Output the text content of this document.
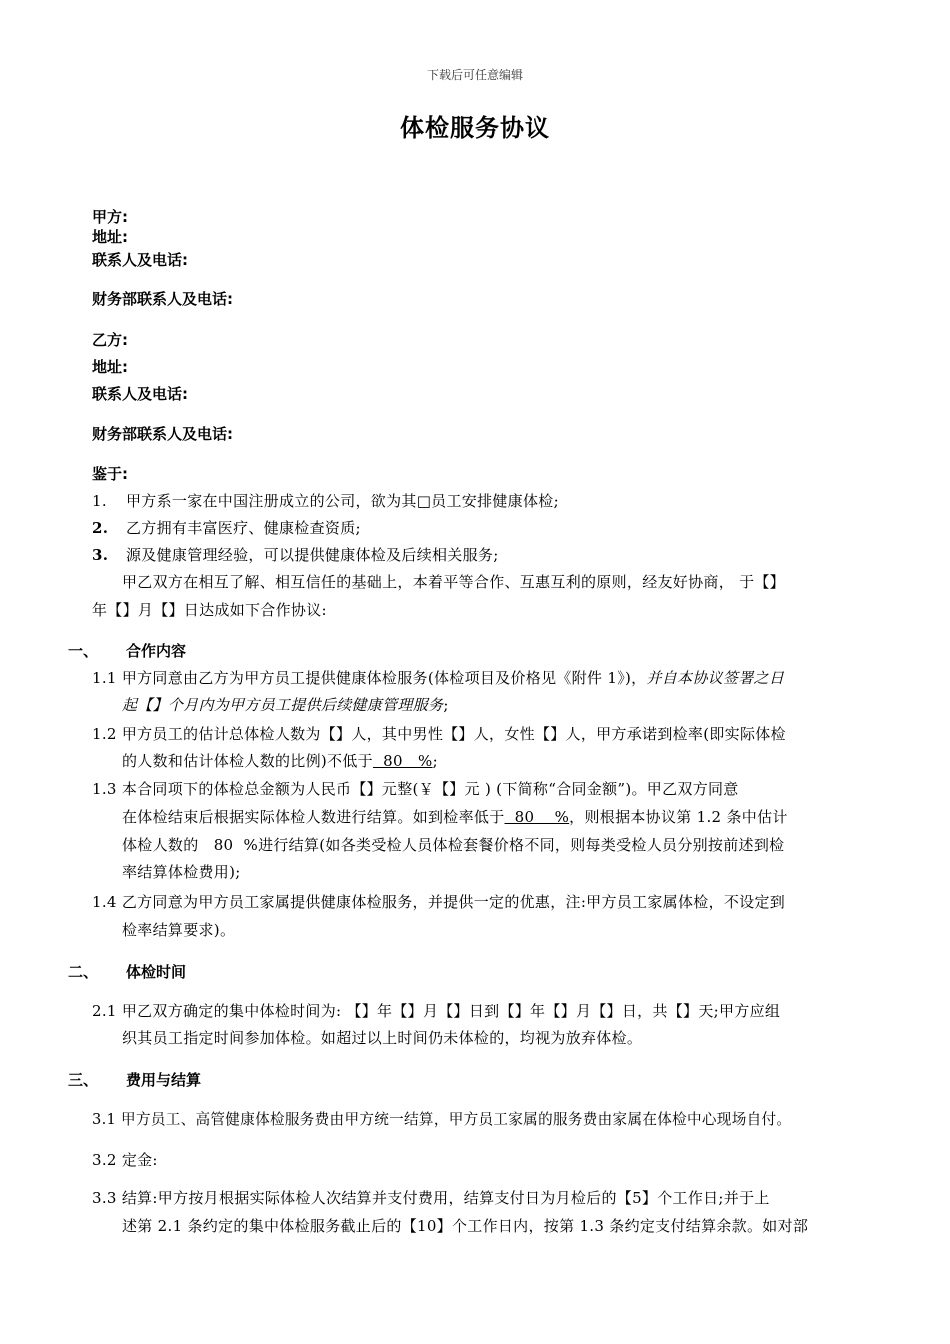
下载后可任意编辑
体检服务协议
甲方:
地址:
联系人及电话:
财务部联系人及电话:
乙方:
地址:
联系人及电话:
财务部联系人及电话:
鉴于:
1. 甲方系一家在中国注册成立的公司，欲为其□员工安排健康体检;
2. 乙方拥有丰富医疗、健康检查资质;
3. 源及健康管理经验，可以提供健康体检及后续相关服务;
甲乙双方在相互了解、相互信任的基础上，本着平等合作、互惠互利的原则，经友好协商， 于【】
年【】月【】日达成如下合作协议:
一、 合作内容
1.1 甲方同意由乙方为甲方员工提供健康体检服务(体检项目及价格见《附件 1》)，并自本协议签署之日
起【】个月内为甲方员工提供后续健康管理服务;
1.2 甲方员工的估计总体检人数为【】人，其中男性【】人，女性【】人，甲方承诺到检率(即实际体检
的人数和估计体检人数的比例)不低于  80   %;
1.3 本合同项下的体检总金额为人民币【】元整(￥【】元 ) (下简称“合同金额”)。甲乙双方同意
在体检结束后根据实际体检人数进行结算。如到检率低于  80    %，则根据本协议第 1.2 条中估计
体检人数的   80  %进行结算(如各类受检人员体检套餐价格不同，则每类受检人员分别按前述到检
率结算体检费用);
1.4 乙方同意为甲方员工家属提供健康体检服务，并提供一定的优惠，注:甲方员工家属体检，不设定到
检率结算要求)。
二、 体检时间
2.1 甲乙双方确定的集中体检时间为: 【】年【】月【】日到【】年【】月【】日，共【】天;甲方应组
织其员工指定时间参加体检。如超过以上时间仍未体检的，均视为放弃体检。
三、 费用与结算
3.1 甲方员工、高管健康体检服务费由甲方统一结算，甲方员工家属的服务费由家属在体检中心现场自付。
3.2 定金:
3.3 结算:甲方按月根据实际体检人次结算并支付费用，结算支付日为月检后的【5】个工作日;并于上
述第 2.1 条约定的集中体检服务截止后的【10】个工作日内，按第 1.3 条约定支付结算余款。如对部
